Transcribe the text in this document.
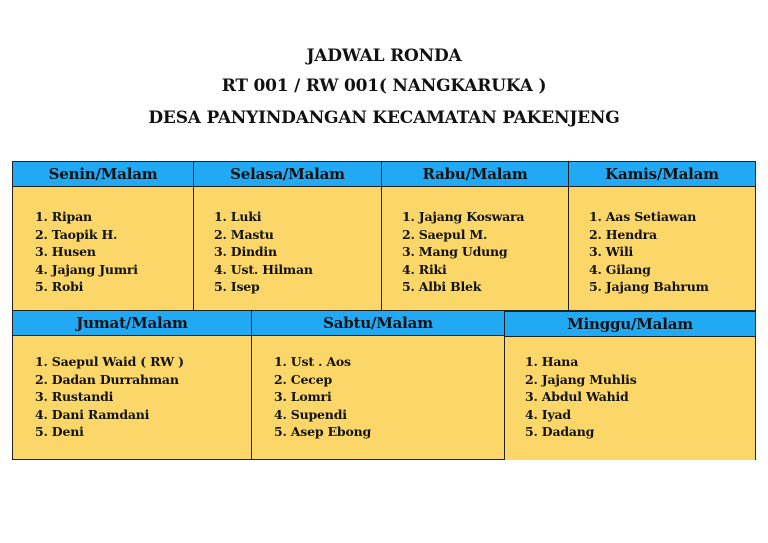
JADWAL RONDA
RT 001 / RW 001( NANGKARUKA )
DESA PANYINDANGAN KECAMATAN PAKENJENG
Senin/Malam
1. Ripan
2. Taopik H.
3. Husen
4. Jajang Jumri
5. Robi
Selasa/Malam
1. Luki
2. Mastu
3. Dindin
4. Ust. Hilman
5. Isep
Rabu/Malam
1. Jajang Koswara
2. Saepul M.
3. Mang Udung
4. Riki
5. Albi Blek
Kamis/Malam
1. Aas Setiawan
2. Hendra
3. Wili
4. Gilang
5. Jajang Bahrum
Jumat/Malam
1. Saepul Waid ( RW )
2. Dadan Durrahman
3. Rustandi
4. Dani Ramdani
5. Deni
Sabtu/Malam
1. Ust . Aos
2. Cecep
3. Lomri
4. Supendi
5. Asep Ebong
Minggu/Malam
1. Hana
2. Jajang Muhlis
3. Abdul Wahid
4. Iyad
5. Dadang
